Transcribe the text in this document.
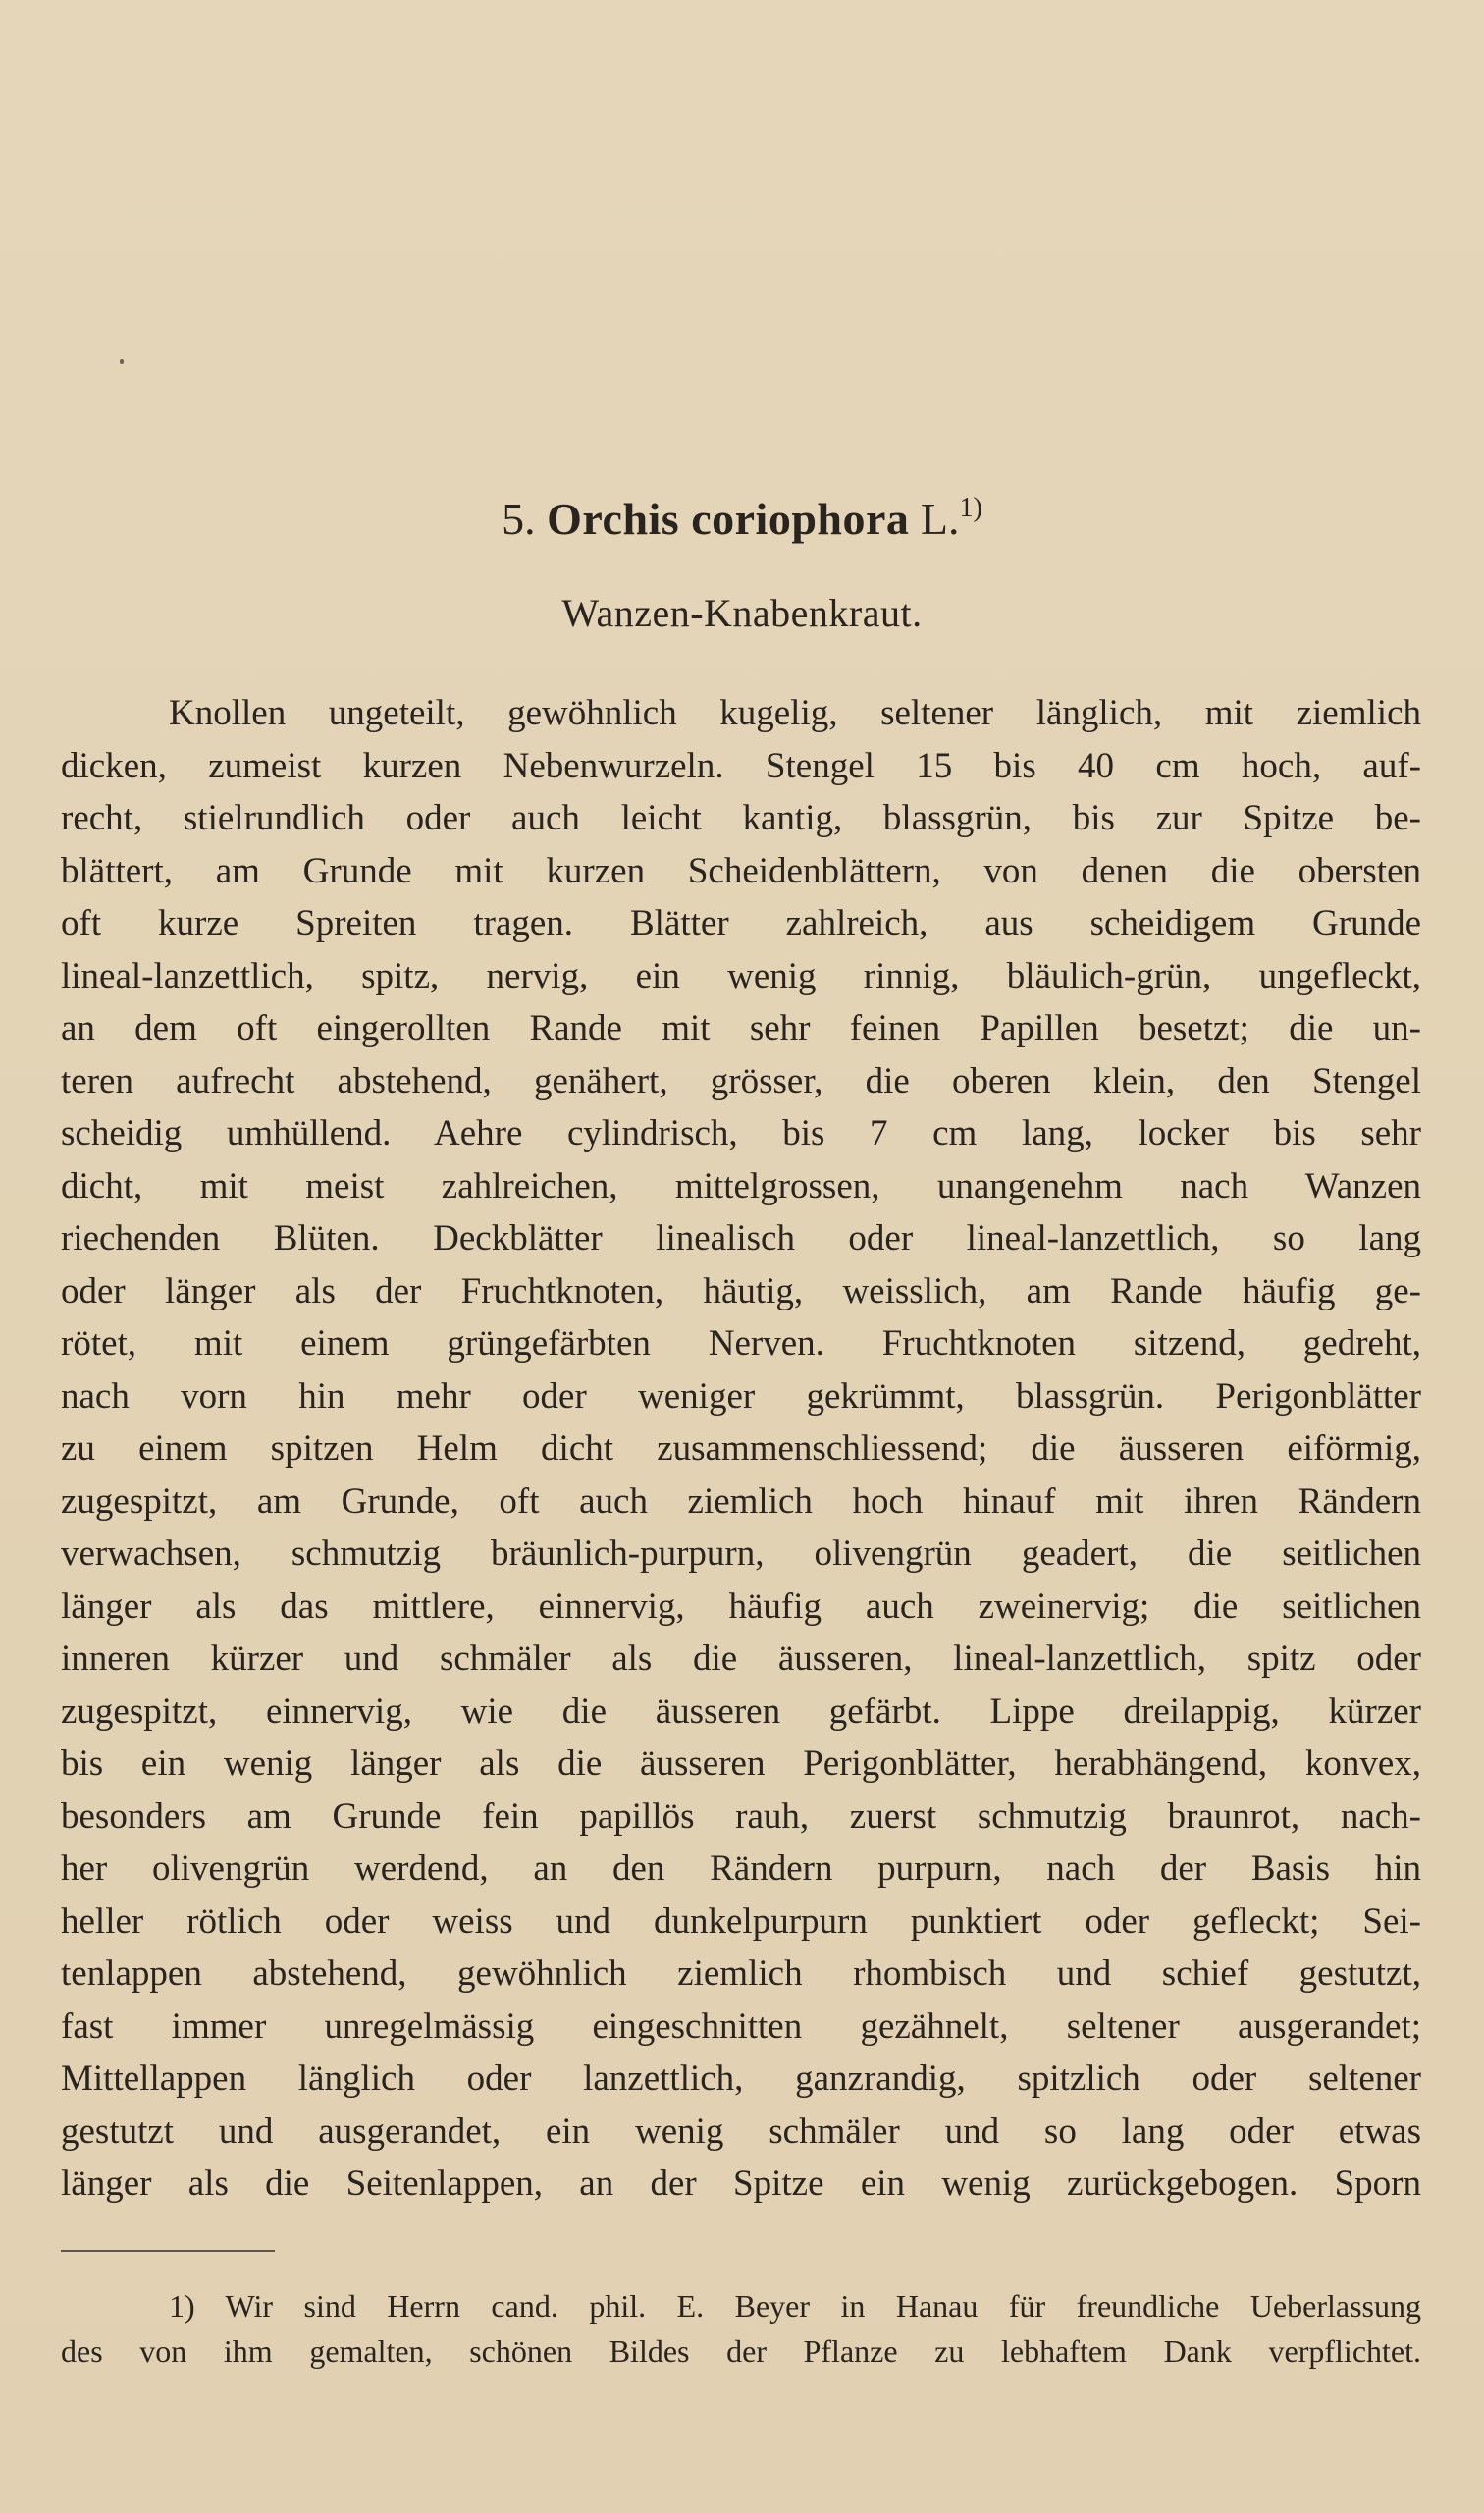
5. Orchis coriophora L.$^{1)}$
Wanzen-Knabenkraut.
Knollen ungeteilt, gewöhnlich kugelig, seltener länglich, mit ziemlich
dicken, zumeist kurzen Nebenwurzeln. Stengel 15 bis 40 cm hoch, auf-
recht, stielrundlich oder auch leicht kantig, blassgrün, bis zur Spitze be-
blättert, am Grunde mit kurzen Scheidenblättern, von denen die obersten
oft kurze Spreiten tragen. Blätter zahlreich, aus scheidigem Grunde
lineal-lanzettlich, spitz, nervig, ein wenig rinnig, bläulich-grün, ungefleckt,
an dem oft eingerollten Rande mit sehr feinen Papillen besetzt; die un-
teren aufrecht abstehend, genähert, grösser, die oberen klein, den Stengel
scheidig umhüllend. Aehre cylindrisch, bis 7 cm lang, locker bis sehr
dicht, mit meist zahlreichen, mittelgrossen, unangenehm nach Wanzen
riechenden Blüten. Deckblätter linealisch oder lineal-lanzettlich, so lang
oder länger als der Fruchtknoten, häutig, weisslich, am Rande häufig ge-
rötet, mit einem grüngefärbten Nerven. Fruchtknoten sitzend, gedreht,
nach vorn hin mehr oder weniger gekrümmt, blassgrün. Perigonblätter
zu einem spitzen Helm dicht zusammenschliessend; die äusseren eiförmig,
zugespitzt, am Grunde, oft auch ziemlich hoch hinauf mit ihren Rändern
verwachsen, schmutzig bräunlich-purpurn, olivengrün geadert, die seitlichen
länger als das mittlere, einnervig, häufig auch zweinervig; die seitlichen
inneren kürzer und schmäler als die äusseren, lineal-lanzettlich, spitz oder
zugespitzt, einnervig, wie die äusseren gefärbt. Lippe dreilappig, kürzer
bis ein wenig länger als die äusseren Perigonblätter, herabhängend, konvex,
besonders am Grunde fein papillös rauh, zuerst schmutzig braunrot, nach-
her olivengrün werdend, an den Rändern purpurn, nach der Basis hin
heller rötlich oder weiss und dunkelpurpurn punktiert oder gefleckt; Sei-
tenlappen abstehend, gewöhnlich ziemlich rhombisch und schief gestutzt,
fast immer unregelmässig eingeschnitten gezähnelt, seltener ausgerandet;
Mittellappen länglich oder lanzettlich, ganzrandig, spitzlich oder seltener
gestutzt und ausgerandet, ein wenig schmäler und so lang oder etwas
länger als die Seitenlappen, an der Spitze ein wenig zurückgebogen. Sporn
1) Wir sind Herrn cand. phil. E. Beyer in Hanau für freundliche Ueberlassung
des von ihm gemalten, schönen Bildes der Pflanze zu lebhaftem Dank verpflichtet.
